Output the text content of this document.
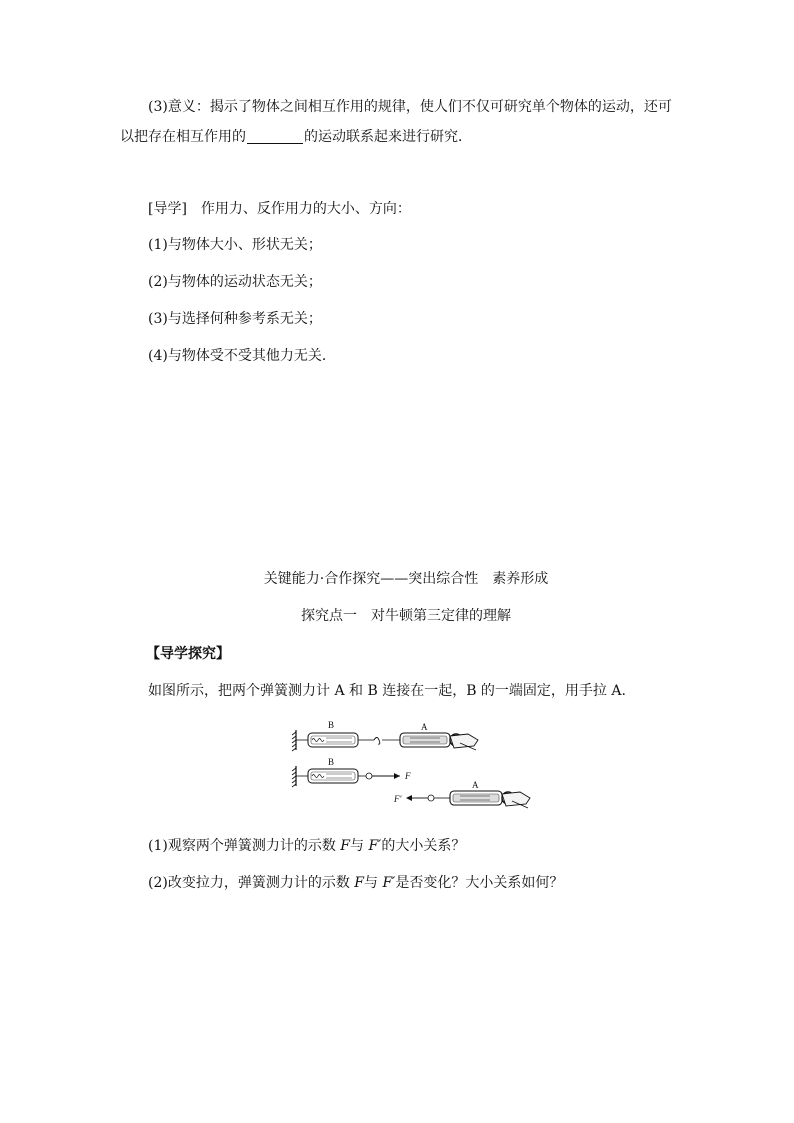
(3)意义：揭示了物体之间相互作用的规律，使人们不仅可研究单个物体的运动，还可
以把存在相互作用的	的运动联系起来进行研究．
[导学]　作用力、反作用力的大小、方向：
(1)与物体大小、形状无关；
(2)与物体的运动状态无关；
(3)与选择何种参考系无关；
(4)与物体受不受其他力无关．
关键能力·合作探究——突出综合性　素养形成
探究点一　对牛顿第三定律的理解
【导学探究】
如图所示，把两个弹簧测力计 A 和 B 连接在一起，B 的一端固定，用手拉 A.
B	A
B
F
F′
A
(1)观察两个弹簧测力计的示数 F与 F′的大小关系？
(2)改变拉力，弹簧测力计的示数 F与 F′是否变化？大小关系如何？
